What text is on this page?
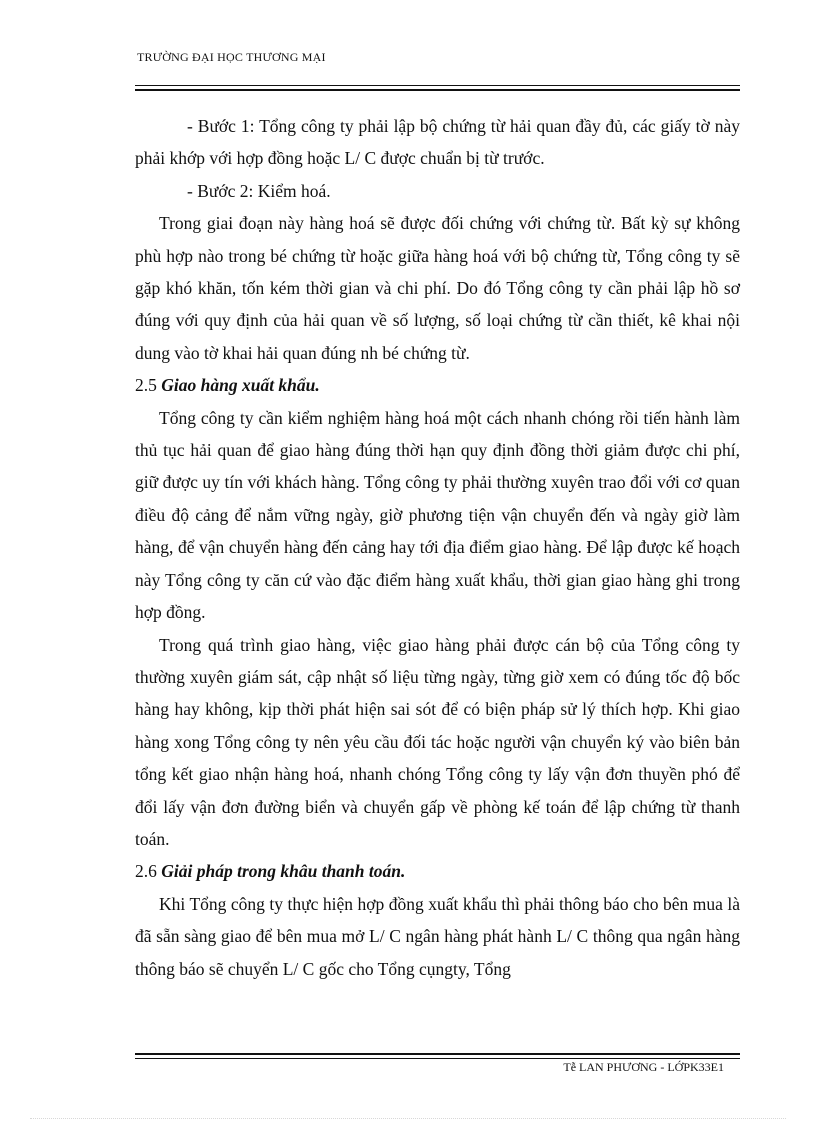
TRƯỜNG ĐẠI HỌC THƯƠNG MẠI

- Bước 1: Tổng công ty phải lập bộ chứng từ hải quan đầy đủ, các giấy tờ này phải khớp với hợp đồng hoặc L/ C được chuẩn bị từ trước.

- Bước 2: Kiểm hoá.

Trong giai đoạn này hàng hoá sẽ được đối chứng với chứng từ. Bất kỳ sự không phù hợp nào trong bé chứng từ hoặc giữa hàng hoá với bộ chứng từ, Tổng công ty sẽ gặp khó khăn, tốn kém thời gian và chi phí. Do đó Tổng công ty cần phải lập hồ sơ đúng với quy định của hải quan về số lượng, số loại chứng từ cần thiết, kê khai nội dung vào tờ khai hải quan đúng nh bé chứng từ.

2.5 Giao hàng xuất khẩu.

Tổng công ty cần kiểm nghiệm hàng hoá một cách nhanh chóng rồi tiến hành làm thủ tục hải quan để giao hàng đúng thời hạn quy định đồng thời giảm được chi phí, giữ được uy tín với khách hàng. Tổng công ty phải thường xuyên trao đổi với cơ quan điều độ cảng để nắm vững ngày, giờ phương tiện vận chuyển đến và ngày giờ làm hàng, để vận chuyển hàng đến cảng hay tới địa điểm giao hàng. Để lập được kế hoạch này Tổng công ty căn cứ vào đặc điểm hàng xuất khẩu, thời gian giao hàng ghi trong hợp đồng.

Trong quá trình giao hàng, việc giao hàng phải được cán bộ của Tổng công ty thường xuyên giám sát, cập nhật số liệu từng ngày, từng giờ xem có đúng tốc độ bốc hàng hay không, kịp thời phát hiện sai sót để có biện pháp sử lý thích hợp. Khi giao hàng xong Tổng công ty nên yêu cầu đối tác hoặc người vận chuyển ký vào biên bản tổng kết giao nhận hàng hoá, nhanh chóng Tổng công ty lấy vận đơn thuyền phó để đổi lấy vận đơn đường biển và chuyển gấp về phòng kế toán để lập chứng từ thanh toán.

2.6 Giải pháp trong khâu thanh toán.

Khi Tổng công ty thực hiện hợp đồng xuất khẩu thì phải thông báo cho bên mua là đã sẵn sàng giao để bên mua mở L/ C ngân hàng phát hành L/ C thông qua ngân hàng thông báo sẽ chuyển L/ C gốc cho Tổng cụngty, Tổng

Tễ LAN PHƯƠNG - LỚPK33E1
